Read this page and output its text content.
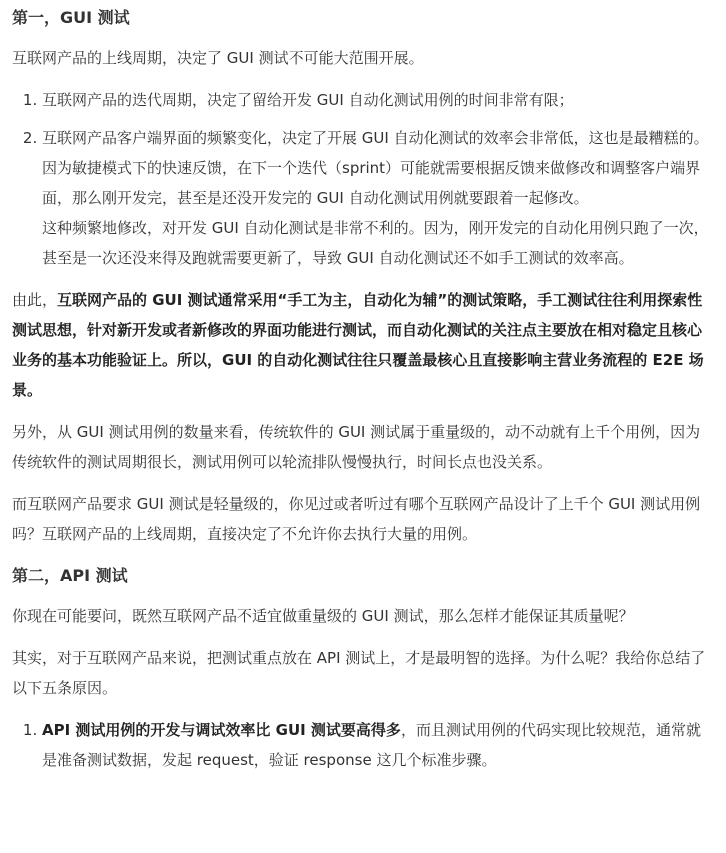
第一，GUI 测试

互联网产品的上线周期，决定了 GUI 测试不可能大范围开展。

1. 互联网产品的迭代周期，决定了留给开发 GUI 自动化测试用例的时间非常有限；
2. 互联网产品客户端界面的频繁变化，决定了开展 GUI 自动化测试的效率会非常低，这也是最糟糕的。
因为敏捷模式下的快速反馈，在下一个迭代（sprint）可能就需要根据反馈来做修改和调整客户端界面，那么刚开发完，甚至是还没开发完的 GUI 自动化测试用例就要跟着一起修改。
这种频繁地修改，对开发 GUI 自动化测试是非常不利的。因为，刚开发完的自动化用例只跑了一次，甚至是一次还没来得及跑就需要更新了，导致 GUI 自动化测试还不如手工测试的效率高。

由此，互联网产品的 GUI 测试通常采用“手工为主，自动化为辅”的测试策略，手工测试往往利用探索性测试思想，针对新开发或者新修改的界面功能进行测试，而自动化测试的关注点主要放在相对稳定且核心业务的基本功能验证上。所以，GUI 的自动化测试往往只覆盖最核心且直接影响主营业务流程的 E2E 场景。

另外，从 GUI 测试用例的数量来看，传统软件的 GUI 测试属于重量级的，动不动就有上千个用例，因为传统软件的测试周期很长，测试用例可以轮流排队慢慢执行，时间长点也没关系。

而互联网产品要求 GUI 测试是轻量级的，你见过或者听过有哪个互联网产品设计了上千个 GUI 测试用例吗？互联网产品的上线周期，直接决定了不允许你去执行大量的用例。

第二，API 测试

你现在可能要问，既然互联网产品不适宜做重量级的 GUI 测试，那么怎样才能保证其质量呢？

其实，对于互联网产品来说，把测试重点放在 API 测试上，才是最明智的选择。为什么呢？我给你总结了以下五条原因。

1. API 测试用例的开发与调试效率比 GUI 测试要高得多，而且测试用例的代码实现比较规范，通常就是准备测试数据，发起 request，验证 response 这几个标准步骤。
